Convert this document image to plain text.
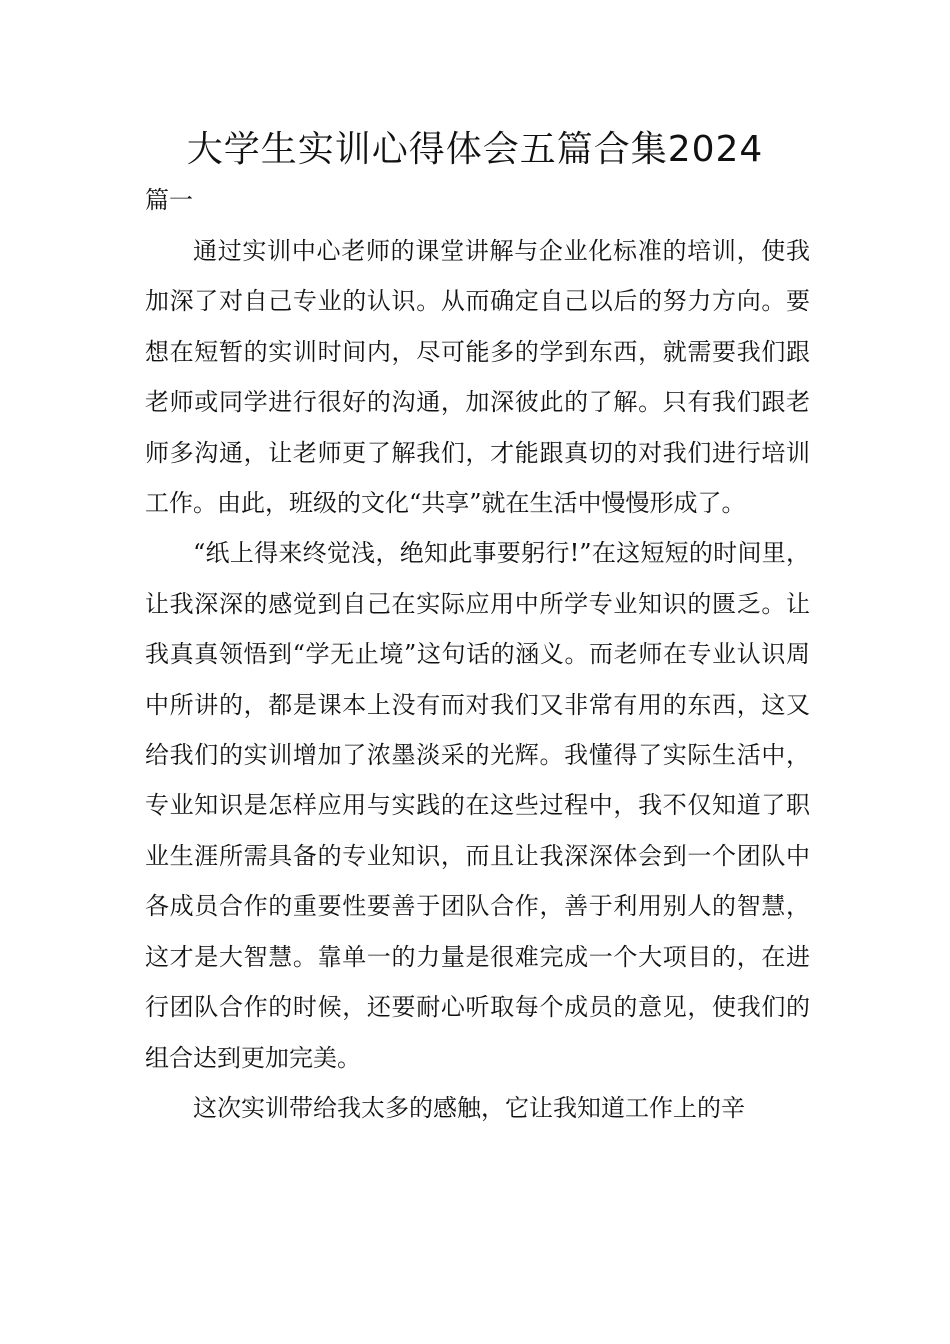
大学生实训心得体会五篇合集2024
篇一

通过实训中心老师的课堂讲解与企业化标准的培训，使我加深了对自己专业的认识。从而确定自己以后的努力方向。要想在短暂的实训时间内，尽可能多的学到东西，就需要我们跟老师或同学进行很好的沟通，加深彼此的了解。只有我们跟老师多沟通，让老师更了解我们，才能跟真切的对我们进行培训工作。由此，班级的文化“共享”就在生活中慢慢形成了。

“纸上得来终觉浅，绝知此事要躬行!”在这短短的时间里，让我深深的感觉到自己在实际应用中所学专业知识的匮乏。让我真真领悟到“学无止境”这句话的涵义。而老师在专业认识周中所讲的，都是课本上没有而对我们又非常有用的东西，这又给我们的实训增加了浓墨淡采的光辉。我懂得了实际生活中，专业知识是怎样应用与实践的在这些过程中，我不仅知道了职业生涯所需具备的专业知识，而且让我深深体会到一个团队中各成员合作的重要性要善于团队合作，善于利用别人的智慧，这才是大智慧。靠单一的力量是很难完成一个大项目的，在进行团队合作的时候，还要耐心听取每个成员的意见，使我们的组合达到更加完美。

这次实训带给我太多的感触，它让我知道工作上的辛
